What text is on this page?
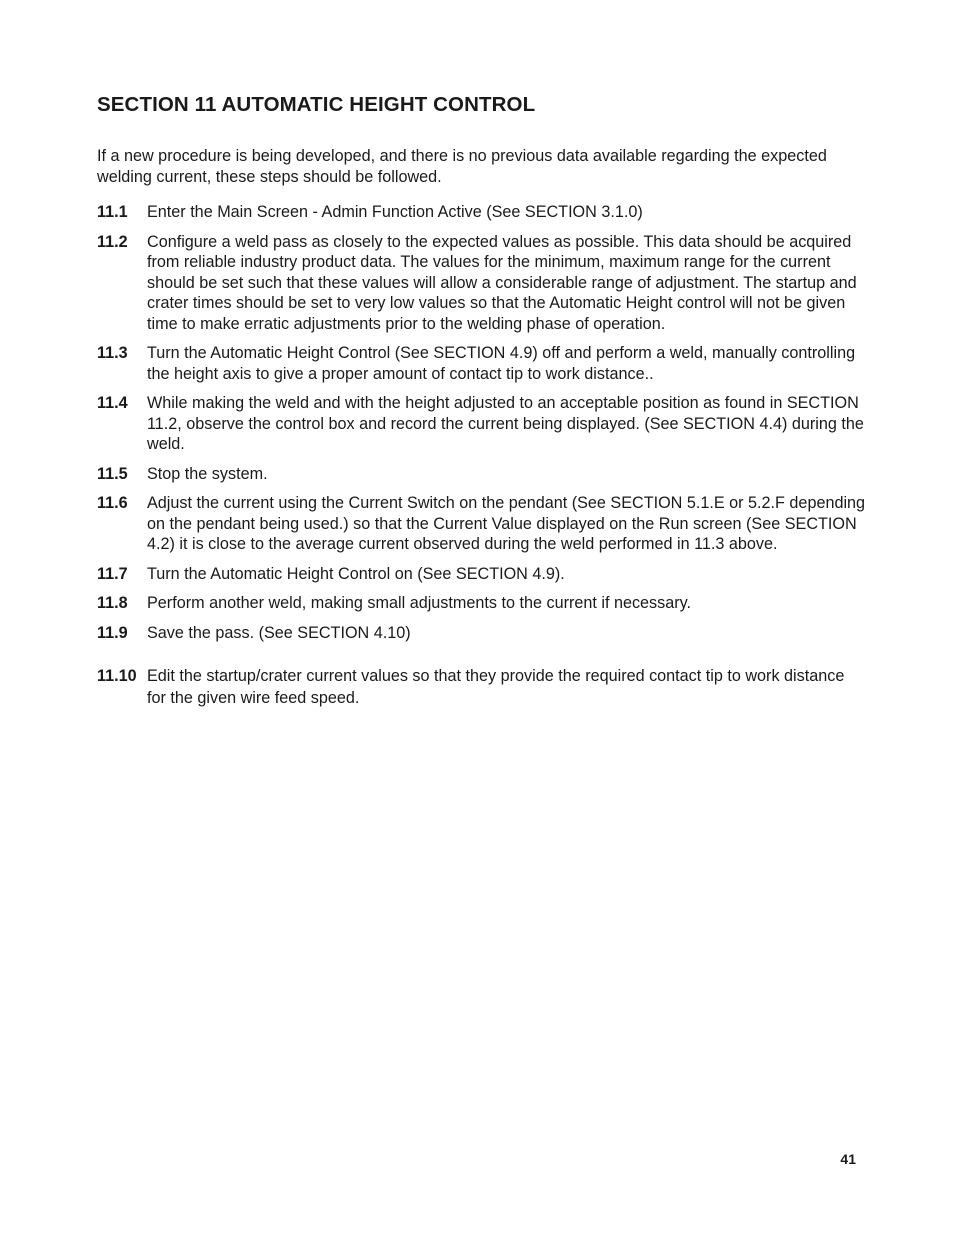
SECTION 11 AUTOMATIC HEIGHT CONTROL

If a new procedure is being developed, and there is no previous data available regarding the expected welding current, these steps should be followed.

11.1 Enter the Main Screen - Admin Function Active (See SECTION 3.1.0)
11.2 Configure a weld pass as closely to the expected values as possible. This data should be acquired from reliable industry product data. The values for the minimum, maximum range for the current should be set such that these values will allow a considerable range of adjustment. The startup and crater times should be set to very low values so that the Automatic Height control will not be given time to make erratic adjustments prior to the welding phase of operation.
11.3 Turn the Automatic Height Control (See SECTION 4.9) off and perform a weld, manually controlling the height axis to give a proper amount of contact tip to work distance..
11.4 While making the weld and with the height adjusted to an acceptable position as found in SECTION 11.2, observe the control box and record the current being displayed. (See SECTION 4.4) during the weld.
11.5 Stop the system.
11.6 Adjust the current using the Current Switch on the pendant (See SECTION 5.1.E or 5.2.F depending on the pendant being used.) so that the Current Value displayed on the Run screen (See SECTION 4.2) it is close to the average current observed during the weld performed in 11.3 above.
11.7 Turn the Automatic Height Control on (See SECTION 4.9).
11.8 Perform another weld, making small adjustments to the current if necessary.
11.9 Save the pass. (See SECTION 4.10)
11.10 Edit the startup/crater current values so that they provide the required contact tip to work distance for the given wire feed speed.
41
